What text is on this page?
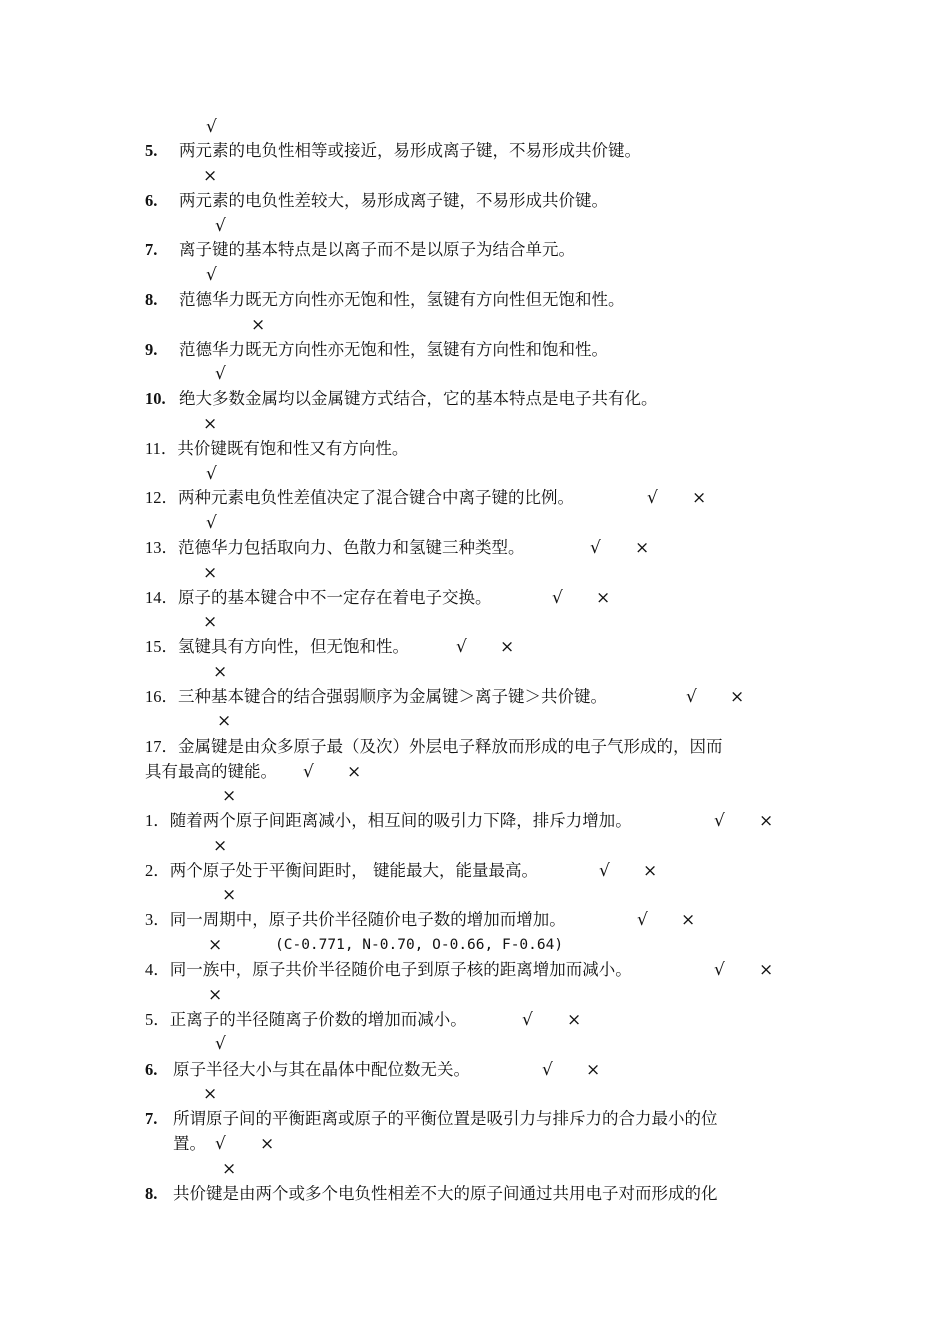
√
5. 两元素的电负性相等或接近，易形成离子键，不易形成共价键。
×
6. 两元素的电负性差较大，易形成离子键，不易形成共价键。
√
7. 离子键的基本特点是以离子而不是以原子为结合单元。
√
8. 范德华力既无方向性亦无饱和性，氢键有方向性但无饱和性。
×
9. 范德华力既无方向性亦无饱和性，氢键有方向性和饱和性。
√
10. 绝大多数金属均以金属键方式结合，它的基本特点是电子共有化。
×
11．共价键既有饱和性又有方向性。
√
12．两种元素电负性差值决定了混合键合中离子键的比例。	√ ×
√
13．范德华力包括取向力、色散力和氢键三种类型。	√ ×
×
14．原子的基本键合中不一定存在着电子交换。	√ ×
×
15．氢键具有方向性，但无饱和性。	√ ×
×
16．三种基本键合的结合强弱顺序为金属键＞离子键＞共价键。	√ ×
×
17．金属键是由众多原子最（及次）外层电子释放而形成的电子气形成的，因而
具有最高的键能。 √ ×
×
1．随着两个原子间距离减小，相互间的吸引力下降，排斥力增加。	√ ×
×
2．两个原子处于平衡间距时， 键能最大，能量最高。	√ ×
×
3．同一周期中，原子共价半径随价电子数的增加而增加。	√ ×
×	(C-0.771, N-0.70, O-0.66, F-0.64)
4．同一族中，原子共价半径随价电子到原子核的距离增加而减小。	√ ×
×
5．正离子的半径随离子价数的增加而减小。	√ ×
√
6. 原子半径大小与其在晶体中配位数无关。	√ ×
×
7. 所谓原子间的平衡距离或原子的平衡位置是吸引力与排斥力的合力最小的位
置。 √ ×
×
8. 共价键是由两个或多个电负性相差不大的原子间通过共用电子对而形成的化
